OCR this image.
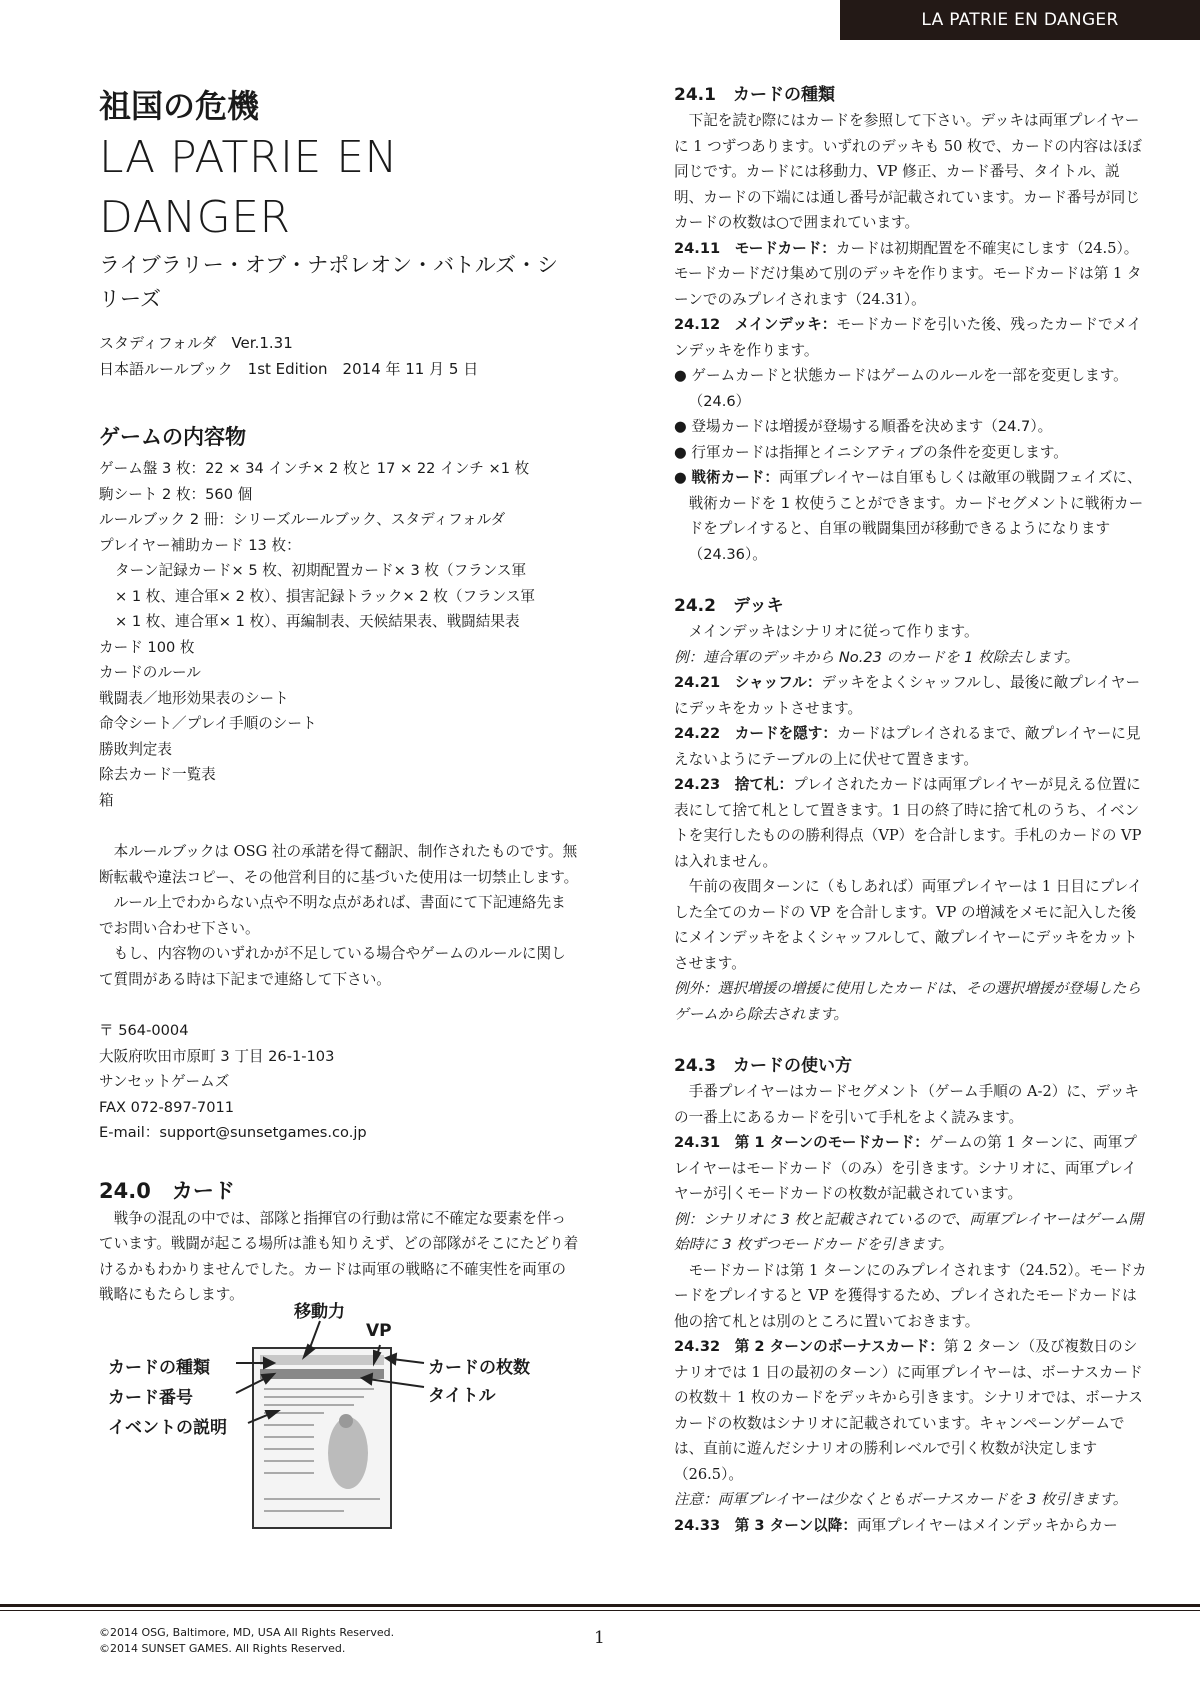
LA PATRIE EN DANGER
祖国の危機
LA PATRIE EN DANGER
ライブラリー・オブ・ナポレオン・バトルズ・シリーズ
スタディフォルダ　Ver.1.31
日本語ルールブック　1st Edition　2014 年 11 月 5 日
ゲームの内容物

ゲーム盤 3 枚：22 × 34 インチ× 2 枚と 17 × 22 インチ ×1 枚

駒シート 2 枚：560 個

ルールブック 2 冊：シリーズルールブック、スタディフォルダ

プレイヤー補助カード 13 枚：

ターン記録カード× 5 枚、初期配置カード× 3 枚（フランス軍

× 1 枚、連合軍× 2 枚）、損害記録トラック× 2 枚（フランス軍

× 1 枚、連合軍× 1 枚）、再編制表、天候結果表、戦闘結果表

カード 100 枚

カードのルール

戦闘表／地形効果表のシート

命令シート／プレイ手順のシート

勝敗判定表

除去カード一覧表

箱

本ルールブックは OSG 社の承諾を得て翻訳、制作されたものです。無断転載や違法コピー、その他営利目的に基づいた使用は一切禁止します。

ルール上でわからない点や不明な点があれば、書面にて下記連絡先までお問い合わせ下さい。

もし、内容物のいずれかが不足している場合やゲームのルールに関して質問がある時は下記まで連絡して下さい。

〒 564-0004

大阪府吹田市原町 3 丁目 26-1-103

サンセットゲームズ

FAX 072-897-7011

E-mail：support@sunsetgames.co.jp

24.0　カード

戦争の混乱の中では、部隊と指揮官の行動は常に不確定な要素を伴っています。戦闘が起こる場所は誰も知りえず、どの部隊がそこにたどり着けるかもわかりませんでした。カードは両軍の戦略に不確実性を両軍の戦略にもたらします。

移動力
VP
カードの種類
カード番号
イベントの説明
カードの枚数
タイトル
24.1　カードの種類

下記を読む際にはカードを参照して下さい。デッキは両軍プレイヤーに 1 つずつあります。いずれのデッキも 50 枚で、カードの内容はほぼ同じです。カードには移動力、VP 修正、カード番号、タイトル、説明、カードの下端には通し番号が記載されています。カード番号が同じカードの枚数は○で囲まれています。

24.11　モードカード：カードは初期配置を不確実にします（24.5）。モードカードだけ集めて別のデッキを作ります。モードカードは第 1 ターンでのみプレイされます（24.31）。

24.12　メインデッキ：モードカードを引いた後、残ったカードでメインデッキを作ります。

● ゲームカードと状態カードはゲームのルールを一部を変更します。（24.6）

● 登場カードは増援が登場する順番を決めます（24.7）。

● 行軍カードは指揮とイニシアティブの条件を変更します。

● 戦術カード：両軍プレイヤーは自軍もしくは敵軍の戦闘フェイズに、戦術カードを 1 枚使うことができます。カードセグメントに戦術カードをプレイすると、自軍の戦闘集団が移動できるようになります（24.36）。

24.2　デッキ

メインデッキはシナリオに従って作ります。

例：連合軍のデッキから No.23 のカードを 1 枚除去します。

24.21　シャッフル：デッキをよくシャッフルし、最後に敵プレイヤーにデッキをカットさせます。

24.22　カードを隠す：カードはプレイされるまで、敵プレイヤーに見えないようにテーブルの上に伏せて置きます。

24.23　捨て札：プレイされたカードは両軍プレイヤーが見える位置に表にして捨て札として置きます。1 日の終了時に捨て札のうち、イベントを実行したものの勝利得点（VP）を合計します。手札のカードの VP は入れません。

午前の夜間ターンに（もしあれば）両軍プレイヤーは 1 日目にプレイした全てのカードの VP を合計します。VP の増減をメモに記入した後にメインデッキをよくシャッフルして、敵プレイヤーにデッキをカットさせます。

例外：選択増援の増援に使用したカードは、その選択増援が登場したらゲームから除去されます。

24.3　カードの使い方

手番プレイヤーはカードセグメント（ゲーム手順の A-2）に、デッキの一番上にあるカードを引いて手札をよく読みます。

24.31　第 1 ターンのモードカード：ゲームの第 1 ターンに、両軍プレイヤーはモードカード（のみ）を引きます。シナリオに、両軍プレイヤーが引くモードカードの枚数が記載されています。

例：シナリオに 3 枚と記載されているので、両軍プレイヤーはゲーム開始時に 3 枚ずつモードカードを引きます。

モードカードは第 1 ターンにのみプレイされます（24.52）。モードカードをプレイすると VP を獲得するため、プレイされたモードカードは他の捨て札とは別のところに置いておきます。

24.32　第 2 ターンのボーナスカード：第 2 ターン（及び複数日のシナリオでは 1 日の最初のターン）に両軍プレイヤーは、ボーナスカードの枚数＋ 1 枚のカードをデッキから引きます。シナリオでは、ボーナスカードの枚数はシナリオに記載されています。キャンペーンゲームでは、直前に遊んだシナリオの勝利レベルで引く枚数が決定します（26.5）。

注意：両軍プレイヤーは少なくともボーナスカードを 3 枚引きます。

24.33　第 3 ターン以降：両軍プレイヤーはメインデッキからカー

©2014 OSG, Baltimore, MD, USA All Rights Reserved.
©2014 SUNSET GAMES. All Rights Reserved.
1
